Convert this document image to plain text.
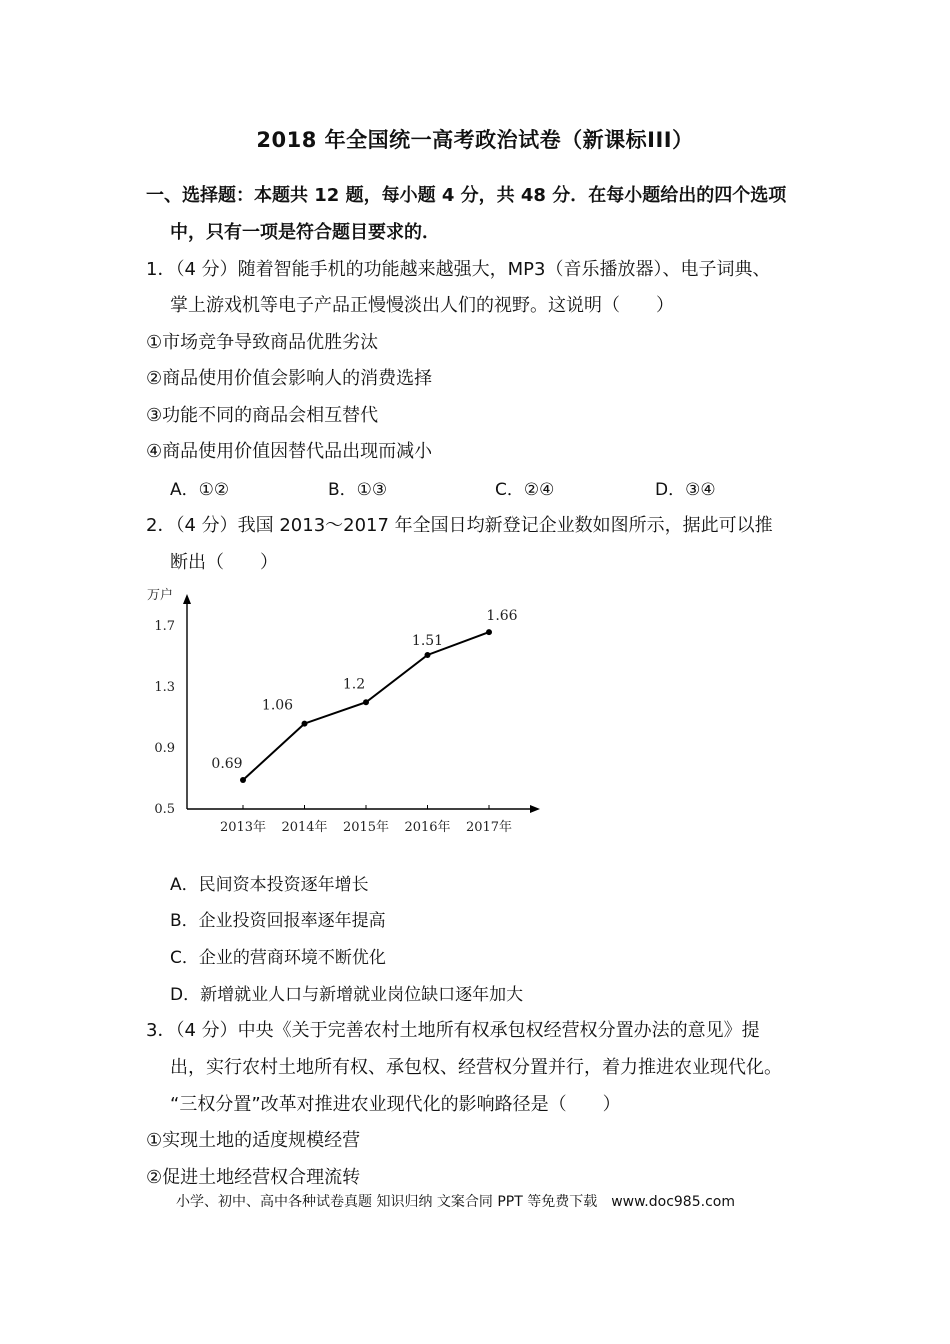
2018 年全国统一高考政治试卷（新课标III）
一、选择题：本题共 12 题，每小题 4 分，共 48 分．在每小题给出的四个选项
中，只有一项是符合题目要求的．
1．（4 分）随着智能手机的功能越来越强大，MP3（音乐播放器）、电子词典、
掌上游戏机等电子产品正慢慢淡出人们的视野。这说明（　　）
①市场竞争导致商品优胜劣汰
②商品使用价值会影响人的消费选择
③功能不同的商品会相互替代
④商品使用价值因替代品出现而减小
A．①②	B．①③	C．②④	D．③④
2．（4 分）我国 2013～2017 年全国日均新登记企业数如图所示，据此可以推
断出（　　）
万户
0.5
0.9
1.3
1.7
2013年 2014年 2015年 2016年 2017年
0.69
1.06
1.2
1.51
1.66
A．民间资本投资逐年增长
B．企业投资回报率逐年提高
C．企业的营商环境不断优化
D．新增就业人口与新增就业岗位缺口逐年加大
3．（4 分）中央《关于完善农村土地所有权承包权经营权分置办法的意见》提
出，实行农村土地所有权、承包权、经营权分置并行，着力推进农业现代化。
“三权分置”改革对推进农业现代化的影响路径是（　　）
①实现土地的适度规模经营
②促进土地经营权合理流转
小学、初中、高中各种试卷真题 知识归纳 文案合同 PPT 等免费下载　www.doc985.com
